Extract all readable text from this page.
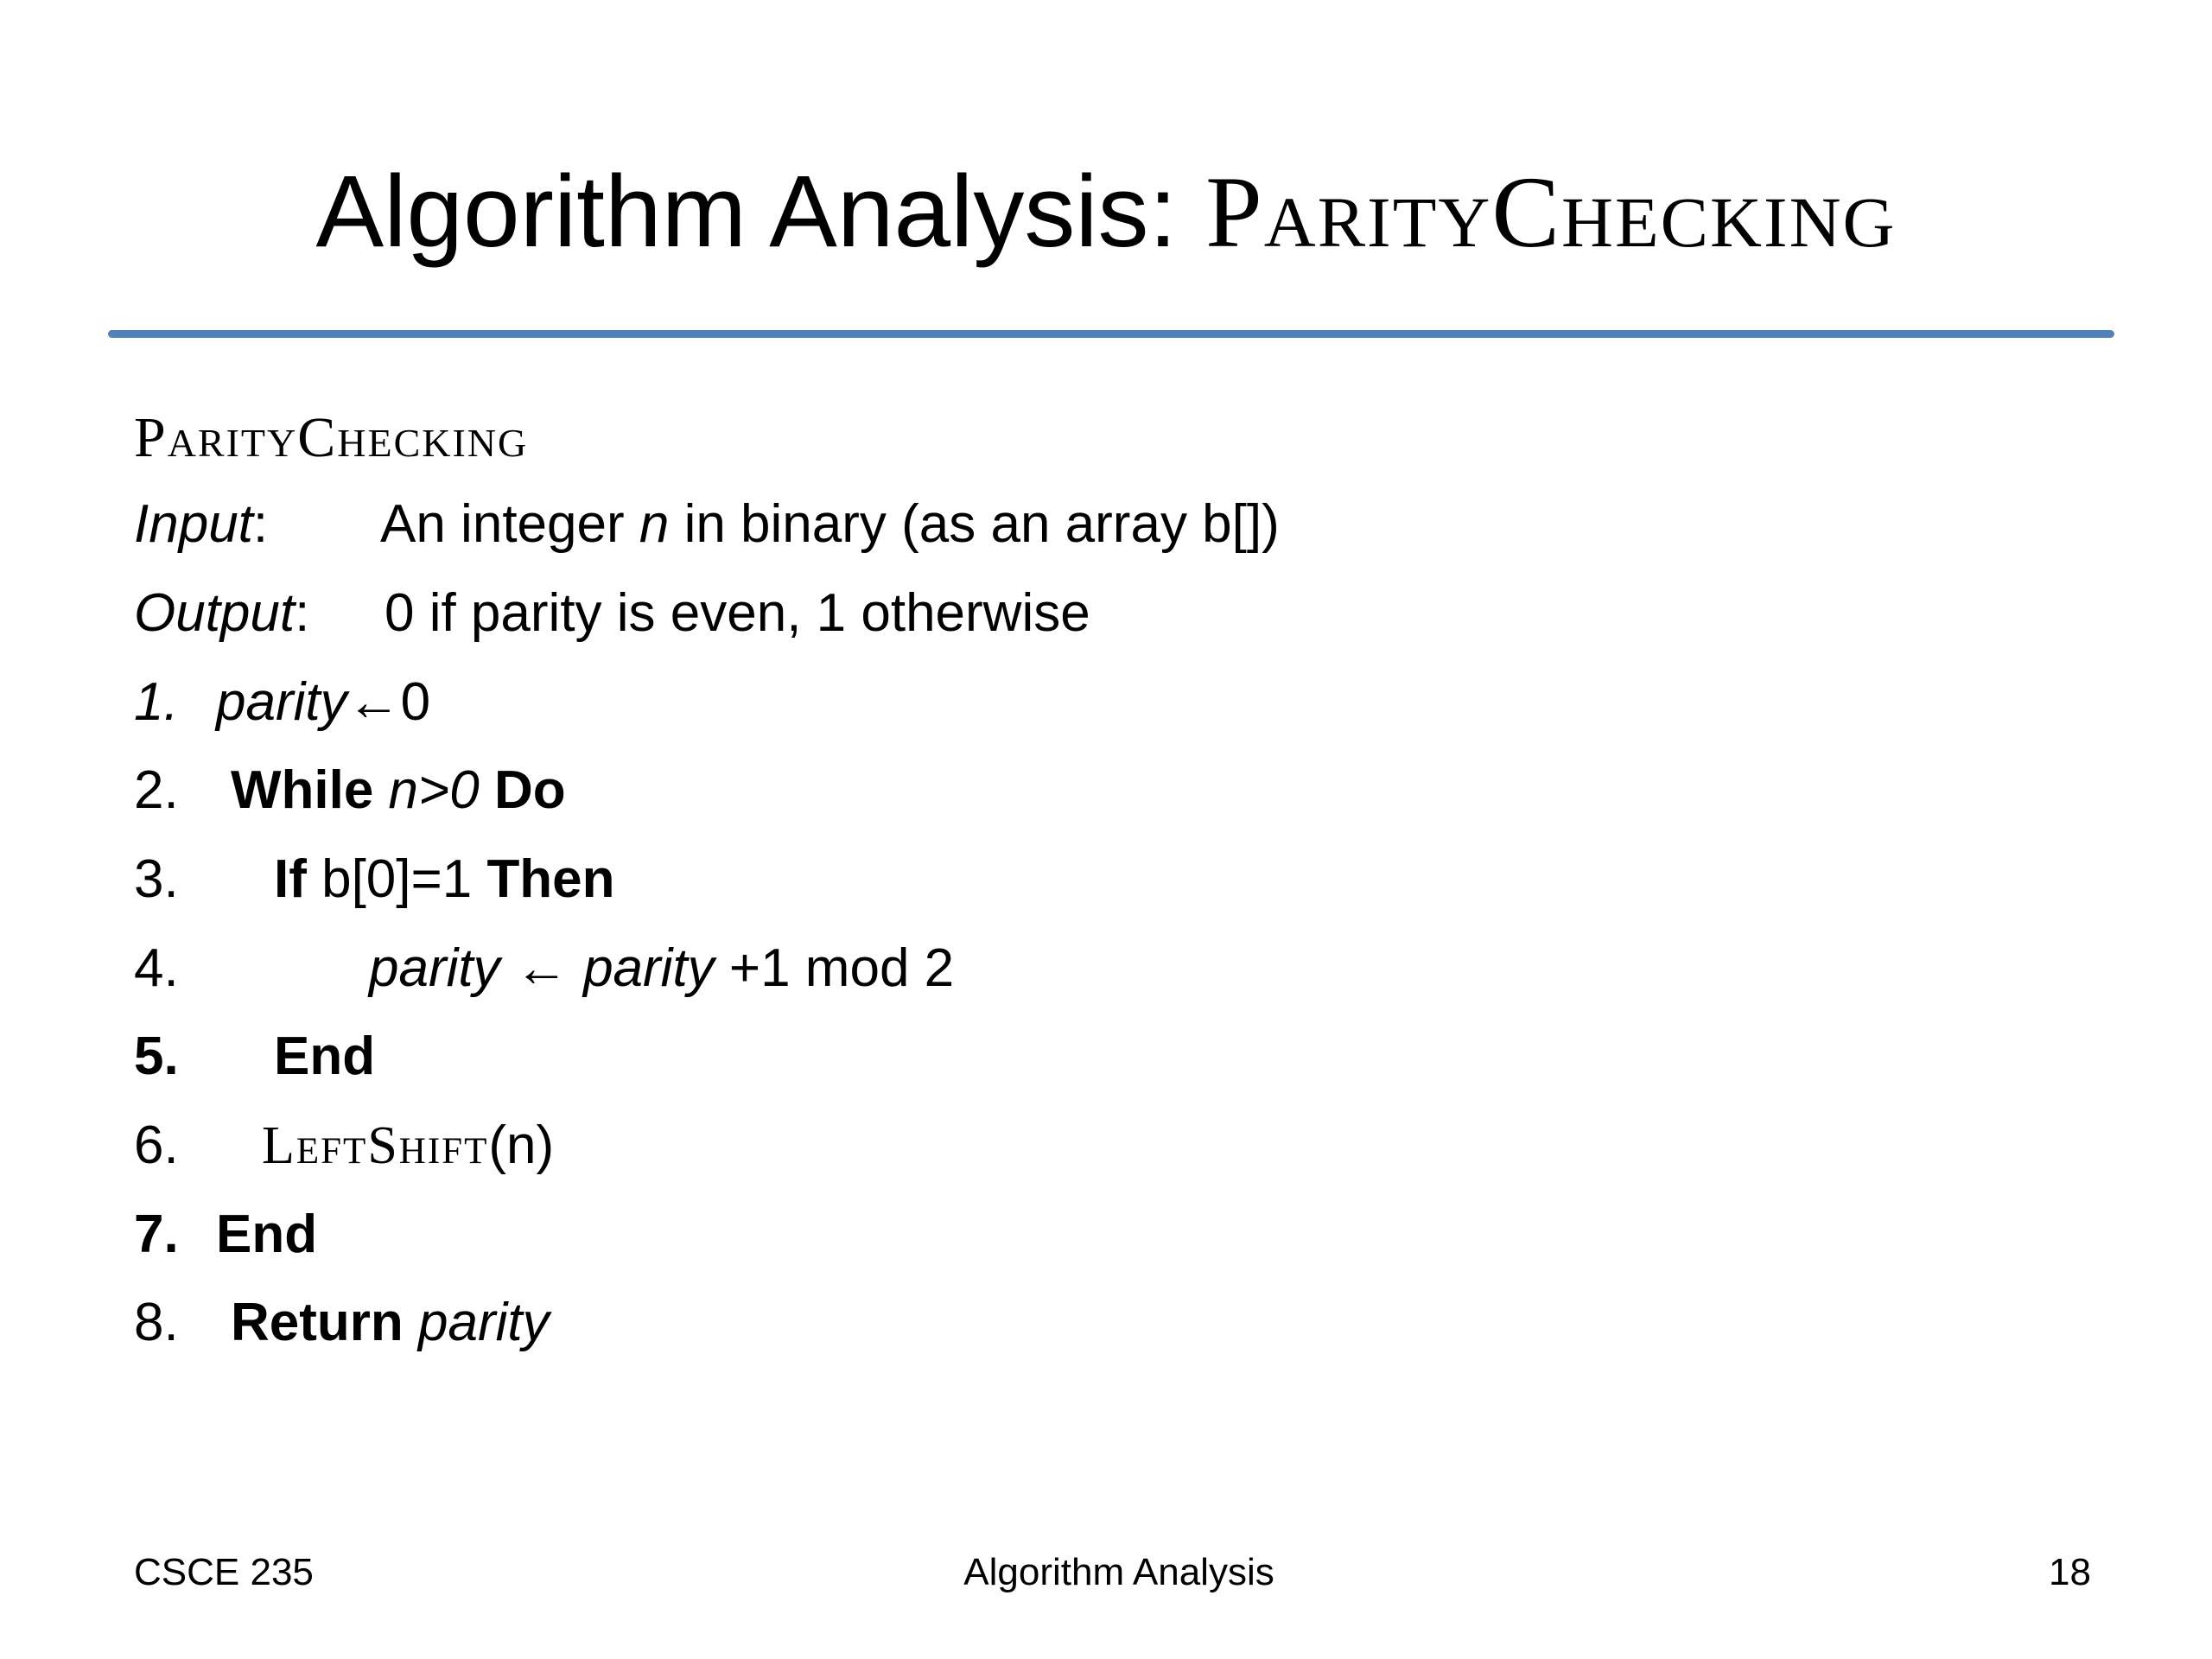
Algorithm Analysis: ParityChecking
ParityChecking
Input: An integer n in binary (as an array b[])
Output: 0 if parity is even, 1 otherwise
1. parity←0
2. While n>0 Do
3. If b[0]=1 Then
4.	parity ← parity +1 mod 2
5. End
6. LeftShift(n)
7. End
8. Return parity
CSCE 235	Algorithm Analysis	18
